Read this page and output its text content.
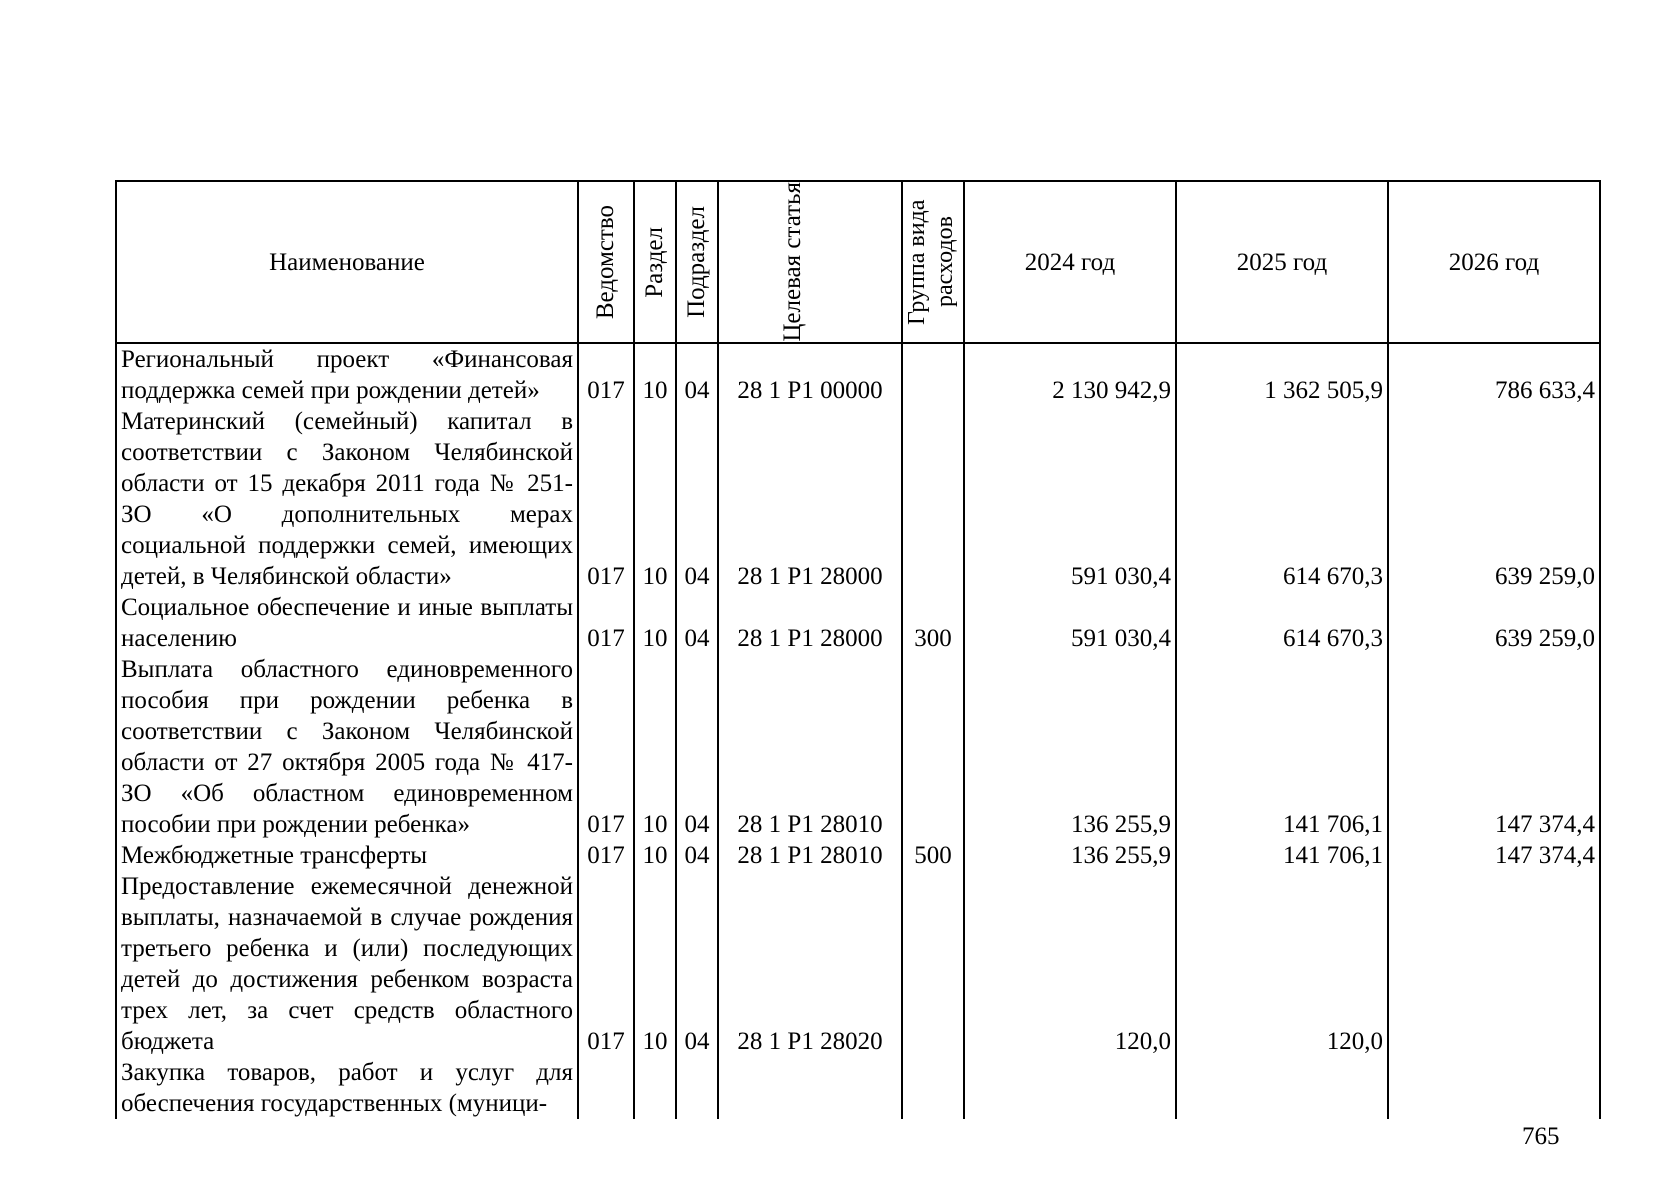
Наименование	Ведомство	Раздел	Подраздел	Целевая статья	Группа вида расходов	2024 год	2025 год	2026 год
Региональный проект «Финансовая поддержка семей при рождении детей»	017	10	04	28 1 Р1 00000		2 130 942,9	1 362 505,9	786 633,4
Материнский (семейный) капитал в соответствии с Законом Челябинской области от 15 декабря 2011 года № 251-ЗО «О дополнительных мерах социальной поддержки семей, имеющих детей, в Челябинской области»	017	10	04	28 1 Р1 28000		591 030,4	614 670,3	639 259,0
Социальное обеспечение и иные выплаты населению	017	10	04	28 1 Р1 28000	300	591 030,4	614 670,3	639 259,0
Выплата областного единовременного пособия при рождении ребенка в соответствии с Законом Челябинской области от 27 октября 2005 года № 417-ЗО «Об областном единовременном пособии при рождении ребенка»	017	10	04	28 1 Р1 28010		136 255,9	141 706,1	147 374,4
Межбюджетные трансферты	017	10	04	28 1 Р1 28010	500	136 255,9	141 706,1	147 374,4
Предоставление ежемесячной денежной выплаты, назначаемой в случае рождения третьего ребенка и (или) последующих детей до достижения ребенком возраста трех лет, за счет средств областного бюджета	017	10	04	28 1 Р1 28020		120,0	120,0	
Закупка товаров, работ и услуг для обеспечения государственных (муници-								
765
